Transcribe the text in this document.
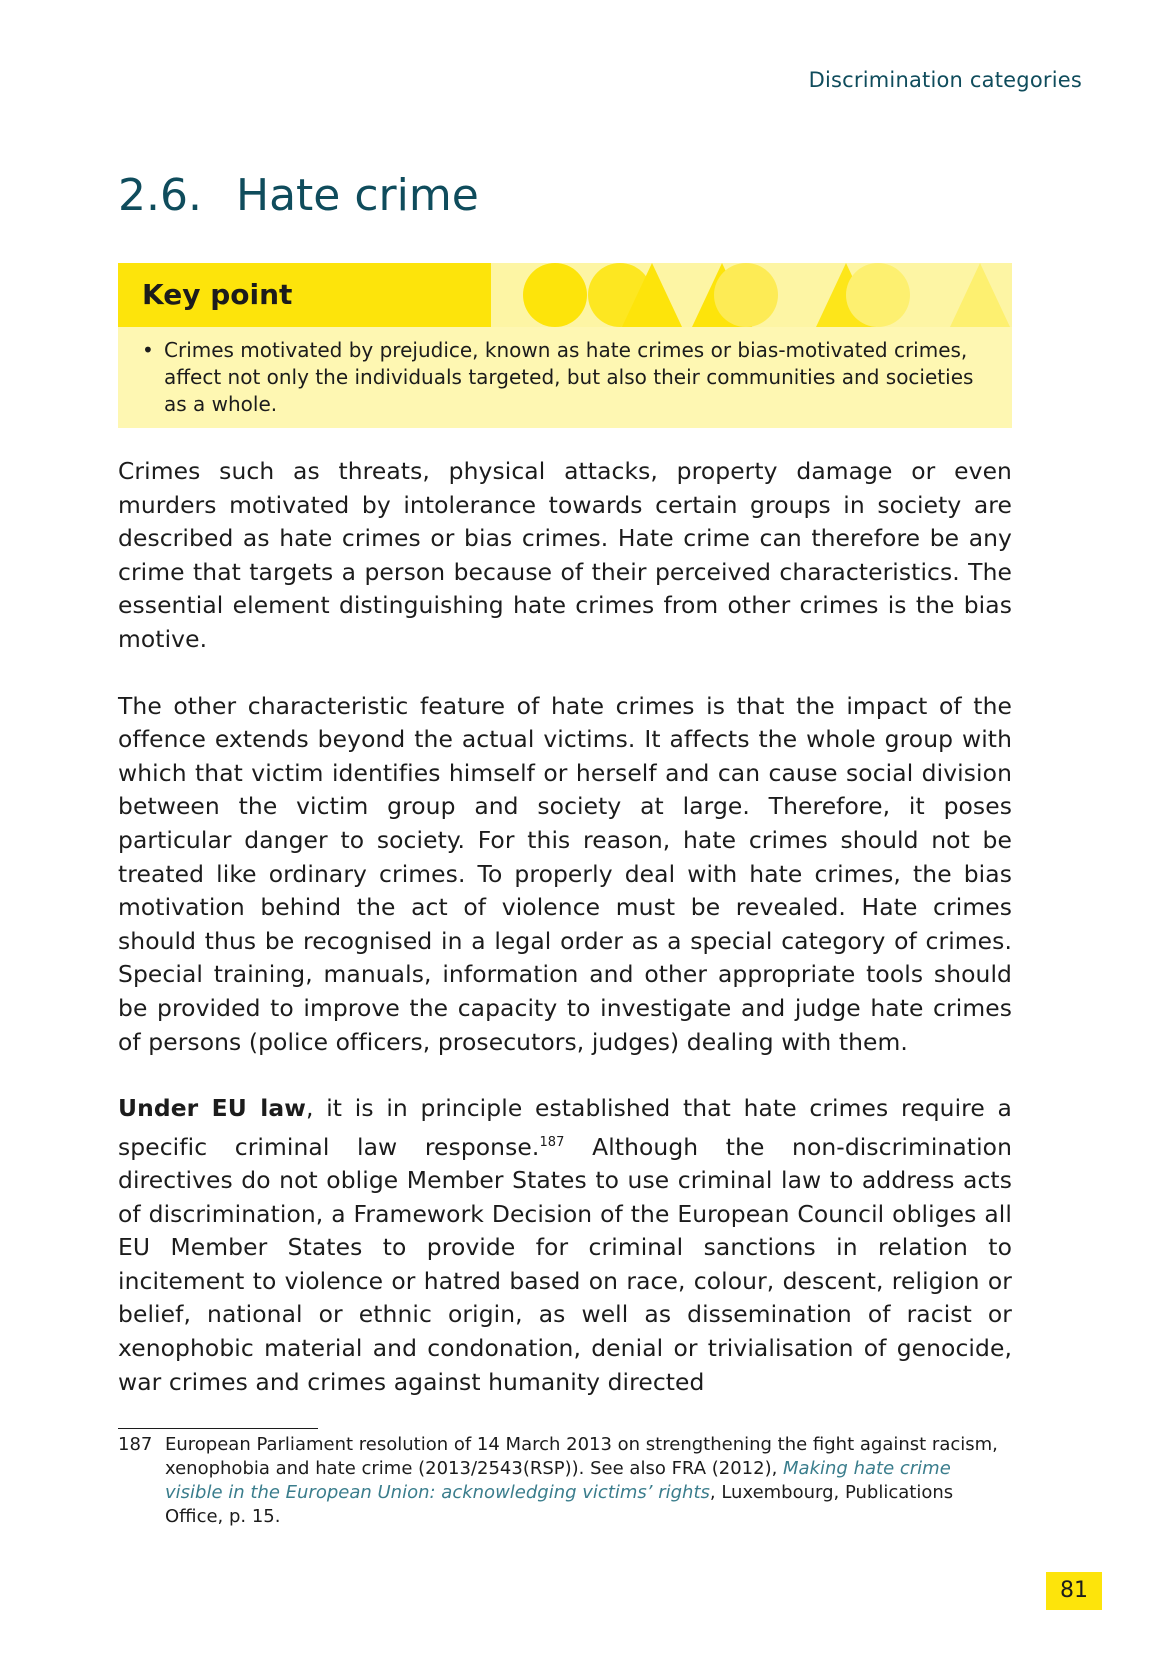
Discrimination categories
2.6. Hate crime
Key point
• Crimes motivated by prejudice, known as hate crimes or bias-motivated crimes, affect not only the individuals targeted, but also their communities and societies as a whole.

Crimes such as threats, physical attacks, property damage or even murders motivated by intolerance towards certain groups in society are described as hate crimes or bias crimes. Hate crime can therefore be any crime that targets a person because of their perceived characteristics. The essential element distinguishing hate crimes from other crimes is the bias motive.

The other characteristic feature of hate crimes is that the impact of the offence extends beyond the actual victims. It affects the whole group with which that victim identifies himself or herself and can cause social division between the victim group and society at large. Therefore, it poses particular danger to society. For this reason, hate crimes should not be treated like ordinary crimes. To properly deal with hate crimes, the bias motivation behind the act of violence must be revealed. Hate crimes should thus be recognised in a legal order as a special category of crimes. Special training, manuals, information and other appropriate tools should be provided to improve the capacity to investigate and judge hate crimes of persons (police officers, prosecutors, judges) dealing with them.

Under EU law, it is in principle established that hate crimes require a specific criminal law response.$^{187}$ Although the non-discrimination directives do not oblige Member States to use criminal law to address acts of discrimination, a Framework Decision of the European Council obliges all EU Member States to provide for criminal sanctions in relation to incitement to violence or hatred based on race, colour, descent, religion or belief, national or ethnic origin, as well as dissemination of racist or xenophobic material and condonation, denial or trivialisation of genocide, war crimes and crimes against humanity directed

187 European Parliament resolution of 14 March 2013 on strengthening the fight against racism, xenophobia and hate crime (2013/2543(RSP)). See also FRA (2012), Making hate crime visible in the European Union: acknowledging victims’ rights, Luxembourg, Publications Office, p. 15.
81
